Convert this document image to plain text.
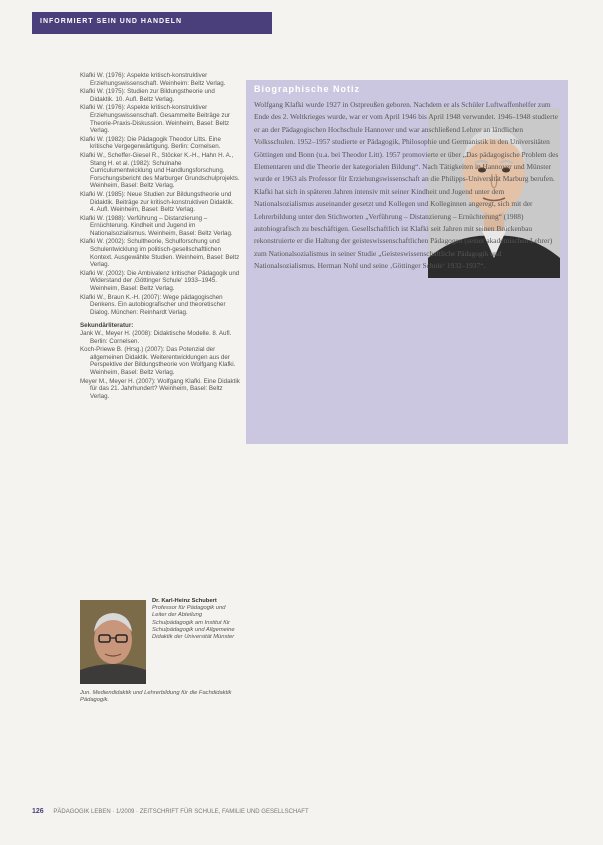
INFORMIERT SEIN UND HANDELN
Klafki W. (1976): Aspekte kritisch-konstruktiver Erziehungswissenschaft. Weinheim: Beltz Verlag.
Klafki W. (1975): Studien zur Bildungstheorie und Didaktik. 10. Aufl. Beltz Verlag.
Klafki W. (1976): Aspekte kritisch-konstruktiver Erziehungswissenschaft. Gesammelte Beiträge zur Theorie-Praxis-Diskussion. Weinheim, Basel: Beltz Verlag.
Klafki W. (1982): Die Pädagogik Theodor Litts. Eine kritische Vergegenwärtigung. Berlin: Cornelsen.
Klafki W., Scheffer-Giesel R., Stöcker K.-H., Hahn H. A., Stang H. et al. (1982): Schulnahe Curriculumentwicklung und Handlungsforschung. Forschungsbericht des Marburger Grundschulprojekts. Weinheim, Basel: Beltz Verlag.
Klafki W. (1985): Neue Studien zur Bildungstheorie und Didaktik. Beiträge zur kritisch-konstruktiven Didaktik. 4. Aufl. Weinheim, Basel: Beltz Verlag.
Klafki W. (1988): Verführung – Distanzierung – Ernüchterung. Kindheit und Jugend im Nationalsozialismus. Weinheim, Basel: Beltz Verlag.
Klafki W. (2002): Schultheorie, Schulforschung und Schulentwicklung im politisch-gesellschaftlichen Kontext. Ausgewählte Studien. Weinheim, Basel: Beltz Verlag.
Klafki W. (2002): Die Ambivalenz kritischer Pädagogik und Widerstand der ‚Göttinger Schule‘ 1933–1945. Weinheim, Basel: Beltz Verlag.
Klafki W., Braun K.-H. (2007): Wege pädagogischen Denkens. Ein autobiografischer und theoretischer Dialog. München: Reinhardt Verlag.
Sekundärliteratur:
Jank W., Meyer H. (2008): Didaktische Modelle. 8. Aufl. Berlin: Cornelsen.
Koch-Priewe B. (Hrsg.) (2007): Das Potenzial der allgemeinen Didaktik. Weiterentwicklungen aus der Perspektive der Bildungstheorie von Wolfgang Klafki. Weinheim, Basel: Beltz Verlag.
Meyer M., Meyer H. (2007): Wolfgang Klafki. Eine Didaktik für das 21. Jahrhundert? Weinheim, Basel: Beltz Verlag.
Biographische Notiz

Wolfgang Klafki wurde 1927 in Ostpreußen geboren. Nachdem er als Schüler Luftwaffenhelfer zum Ende des 2. Weltkrieges wurde, war er vom April 1946 bis April 1948 verwundet. 1946–1948 studierte er an der Pädagogischen Hochschule Hannover und war anschließend Lehrer an ländlichen Volksschulen. 1952–1957 studierte er Pädagogik, Philosophie und Germanistik in den Universitäten Göttingen und Bonn (u.a. bei Theodor Litt). 1957 promovierte er über „Das pädagogische Problem des Elementaren und die Theorie der kategorialen Bildung“. Nach Tätigkeiten in Hannover und Münster wurde er 1963 als Professor für Erziehungswissenschaft an die Philipps-Universität Marburg berufen.

Klafki hat sich in späteren Jahren intensiv mit seiner Kindheit und Jugend unter dem Nationalsozialismus auseinander gesetzt und Kollegen und Kolleginnen angeregt, sich mit der Lehrerbildung unter den Stichworten „Verführung – Distanzierung – Ernüchterung“ (1988) autobiografisch zu beschäftigen. Gesellschaftlich ist Klafki seit Jahren mit seinen Brückenbau rekonstruierte er die Haltung der geisteswissenschaftlichen Pädagogen (seiner akademischen Lehrer) zum Nationalsozialismus in seiner Studie „Geisteswissenschaftliche Pädagogik und Nationalsozialismus. Herman Nohl und seine ‚Göttinger Schule‘ 1932–1937“.

Dr. Karl-Heinz Schubert
Professor für Pädagogik und Leiter der Abteilung Schulpädagogik am Institut für Schulpädagogik und Allgemeine Didaktik der Universität Münster
Jun. Mediendidaktik und Lehrerbildung für die Fachdidaktik Pädagogik.
126 PÄDAGOGIK LEBEN · 1/2009 · ZEITSCHRIFT FÜR SCHULE, FAMILIE UND GESELLSCHAFT
